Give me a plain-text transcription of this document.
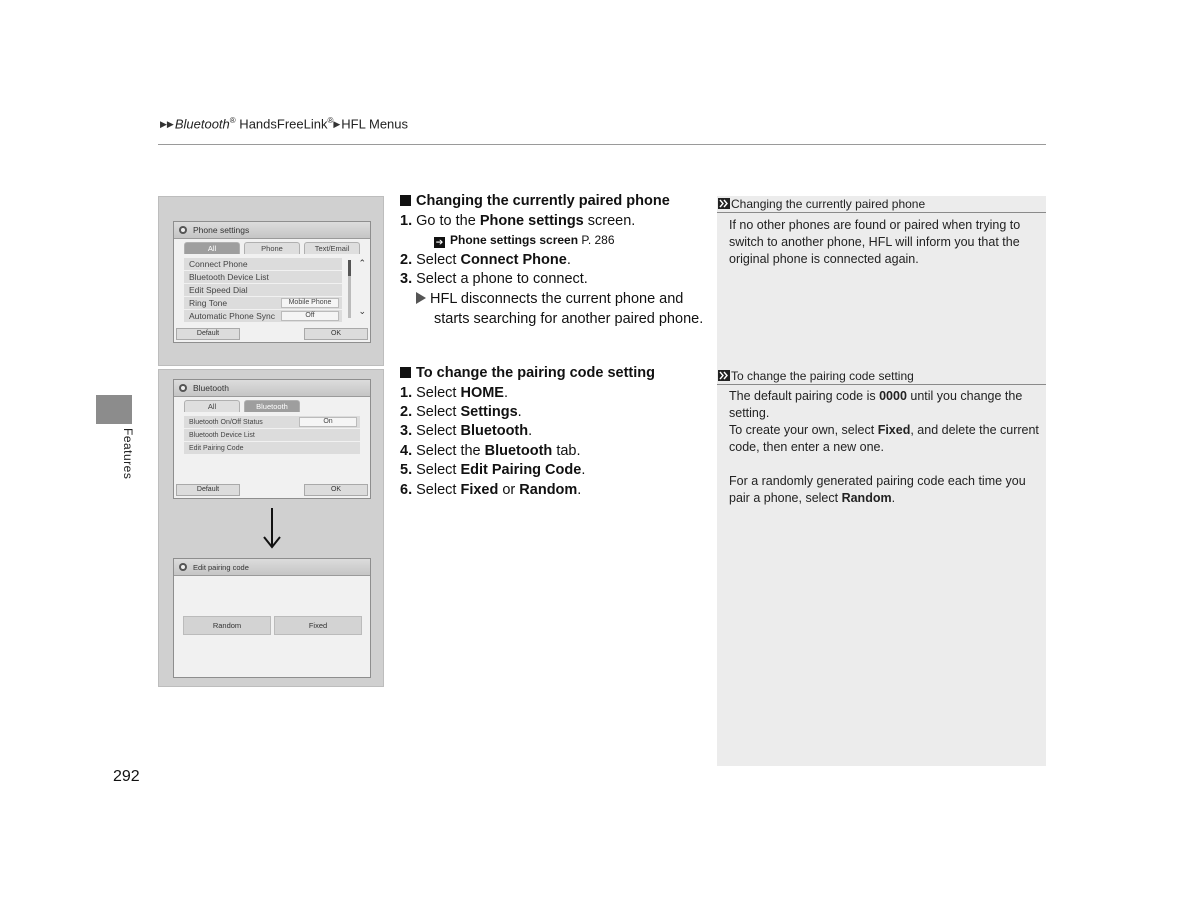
▶▶Bluetooth® HandsFreeLink®▶HFL Menus
Features
Phone settings
All	Phone	Text/Email
Connect Phone
Bluetooth Device List
Edit Speed Dial
Ring Tone	Mobile Phone
Automatic Phone Sync	Off
⌃
⌄
Default	OK
Bluetooth
All	Bluetooth
Bluetooth On/Off Status	On
Bluetooth Device List
Edit Pairing Code
Default	OK
Edit pairing code
Random	Fixed
Changing the currently paired phone
1. Go to the Phone settings screen.
➔ Phone settings screen P. 286
2. Select Connect Phone.
3. Select a phone to connect.
HFL disconnects the current phone and starts searching for another paired phone.
To change the pairing code setting
1. Select HOME.
2. Select Settings.
3. Select Bluetooth.
4. Select the Bluetooth tab.
5. Select Edit Pairing Code.
6. Select Fixed or Random.
Changing the currently paired phone
If no other phones are found or paired when trying to switch to another phone, HFL will inform you that the original phone is connected again.
To change the pairing code setting
The default pairing code is 0000 until you change the setting.
To create your own, select Fixed, and delete the current code, then enter a new one.
For a randomly generated pairing code each time you pair a phone, select Random.
292
